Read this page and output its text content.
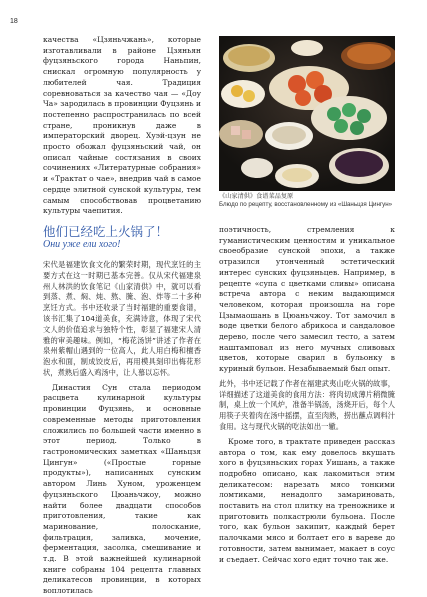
18

качества «Цзяньчжань», которые изготавливали в районе Цзяньян фуцзяньского города Наньпин, снискал огромную популярность у любителей чая. Традиция соревноваться за качество чая — «Доу Ча» зародилась в провинции Фуцзянь и постепенно распространилась по всей стране, проникнув даже в императорский дворец. Хуэй-цзун не просто обожал фуцзяньский чай, он описал чайные состязания в своих сочинениях «Литературные собрания» и «Трактат о чае», внедрив чай в самое сердце элитной сунской культуры, тем самым способствовав процветанию культуры чаепития.

《山家清供》食谱菜品复原
Блюдо по рецепту, восстановленному из «Шаньцзя Цингун»
他们已经吃上火锅了！
Они уже ели хого!

宋代是福建饮食文化的繁荣时期，现代烹饪的主要方式在这一时期已基本完善。仅从宋代福建泉州人林洪的饮食笔记《山家清供》中，就可以看到蒸、煮、焖、炖、熬、腌、泡、炸等二十多种烹饪方式。书中还收录了当时福建的重要食谱，该书汇集了104道美食，充满诗意，体现了宋代文人的价值追求与独特个性，彰显了福建宋人清雅的审美趣味。例如，“梅花汤饼”讲述了作者在泉州紫帽山遇到的一位高人，此人用白梅和檀香泡水和面，制成饺皮后，再用模具刻印出梅花形状，煮熟后盛入鸡汤中，让人慕以忘怀。

Династия Сун стала периодом расцвета кулинарной культуры провинции Фуцзянь, и основные современные методы приготовления сложились по большей части именно в этот период. Только в гастрономических заметках «Шаньцзя Цингун» («Простые горные продукты»), написанных сунским автором Линь Хуном, уроженцем фуцзяньского Цюаньчжоу, можно найти более двадцати способов приготовления, такие как маринование, полоскание, фильтрация, заливка, мочение, ферментация, засолка, смешивание и т.д. В этой важнейшей кулинарной книге собраны 104 рецепта главных деликатесов провинции, в которых воплотилась

поэтичность, стремления к гуманистическим ценностям и уникальное своеобразие сунской эпохи, а также отразился утонченный эстетический интерес сунских фуцзяньцев. Например, в рецепте «супа с цветками сливы» описана встреча автора с неким выдающимся человеком, которая произошла на горе Цзымаошань в Цюаньчжоу. Тот замочил в воде цветки белого абрикоса и сандаловое дерево, после чего замесил тесто, а затем наштамповал из него мучных сливовых цветов, которые сварил в бульонку в куриный бульон. Незабываемый был опыт.

此外，书中还记载了作者在福建武夷山吃火锅的故事，详细描述了这道美食的食用方法：将肉切成薄片稍微腌制，桌上放一个风炉，准备半锅汤，汤烧开后，每个人用筷子夹着肉在汤中摇摆，直至肉熟，捞出蘸点调料汁食用。这与现代火锅的吃法如出一辙。

Кроме того, в трактате приведен рассказ автора о том, как ему довелось вкушать хого в фуцзяньских горах Уишань, а также подробно описано, как лакомиться этим деликатесом: нарезать мясо тонкими ломтиками, ненадолго замариновать, поставить на стол плитку на треножнике и приготовить полкастрюли бульона. После того, как бульон закипит, каждый берет палочками мясо и болтает его в вареве до готовности, затем вынимает, макает в соус и съедает. Сейчас хого едят точно так же.
